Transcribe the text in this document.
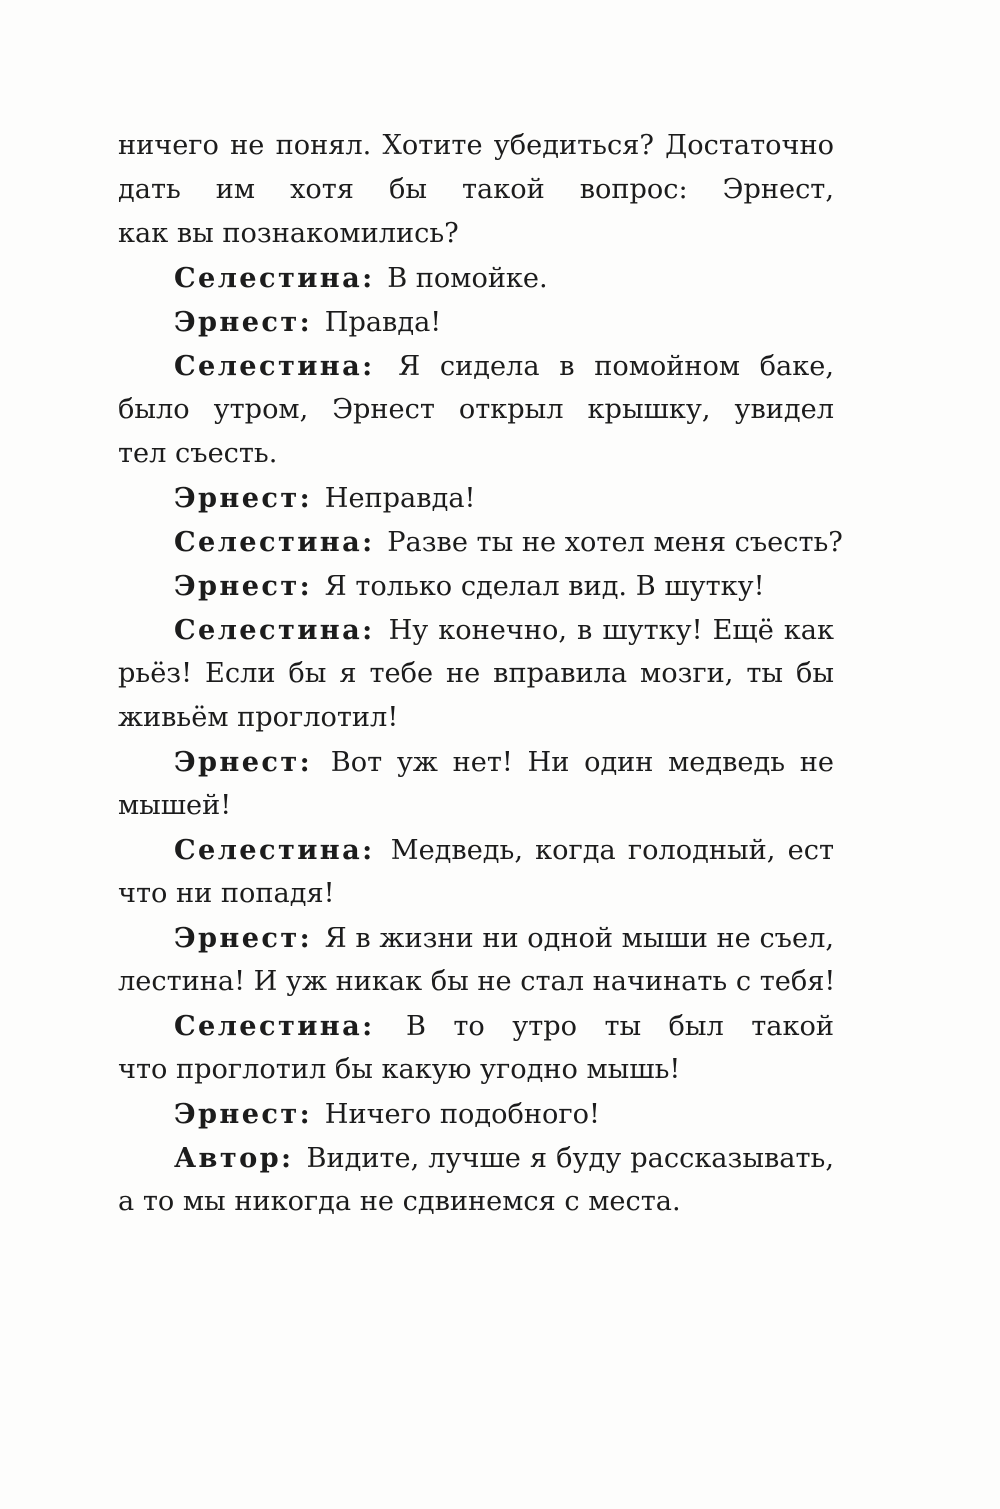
ничего не понял. Хотите убедиться? Достаточно
дать им хотя бы такой вопрос: Эрнест,
как вы познакомились?
Селестина: В помойке.
Эрнест: Правда!
Селестина: Я сидела в помойном баке,
было утром, Эрнест открыл крышку, увидел
тел съесть.
Эрнест: Неправда!
Селестина: Разве ты не хотел меня съесть?
Эрнест: Я только сделал вид. В шутку!
Селестина: Ну конечно, в шутку! Ещё как
рьёз! Если бы я тебе не вправила мозги, ты бы
живьём проглотил!
Эрнест: Вот уж нет! Ни один медведь не
мышей!
Селестина: Медведь, когда голодный, ест
что ни попадя!
Эрнест: Я в жизни ни одной мыши не съел,
лестина! И уж никак бы не стал начинать с тебя!
Селестина: В то утро ты был такой
что проглотил бы какую угодно мышь!
Эрнест: Ничего подобного!
Автор: Видите, лучше я буду рассказывать,
а то мы никогда не сдвинемся с места.
